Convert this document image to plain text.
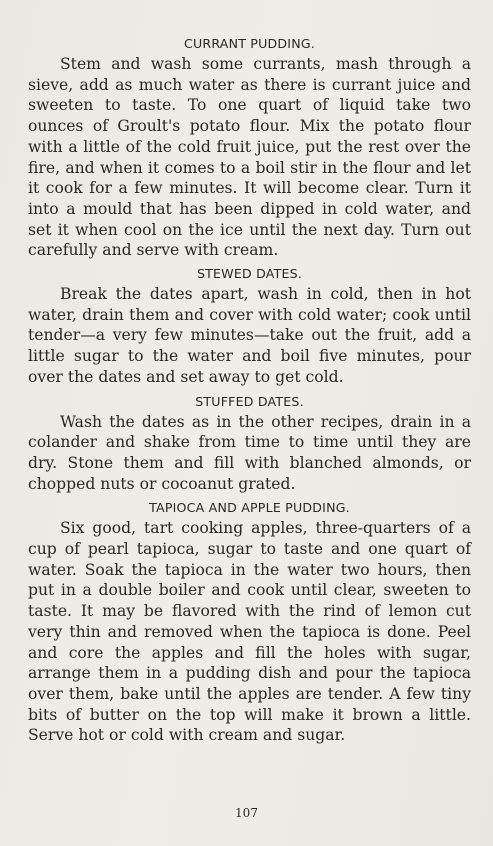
CURRANT PUDDING.

Stem and wash some currants, mash through a sieve, add as much water as there is currant juice and sweeten to taste. To one quart of liquid take two ounces of Groult's potato flour. Mix the potato flour with a little of the cold fruit juice, put the rest over the fire, and when it comes to a boil stir in the flour and let it cook for a few minutes. It will become clear. Turn it into a mould that has been dipped in cold water, and set it when cool on the ice until the next day. Turn out carefully and serve with cream.

STEWED DATES.

Break the dates apart, wash in cold, then in hot water, drain them and cover with cold water; cook until tender—a very few minutes—take out the fruit, add a little sugar to the water and boil five minutes, pour over the dates and set away to get cold.

STUFFED DATES.

Wash the dates as in the other recipes, drain in a colander and shake from time to time until they are dry. Stone them and fill with blanched almonds, or chopped nuts or cocoanut grated.

TAPIOCA AND APPLE PUDDING.

Six good, tart cooking apples, three-quarters of a cup of pearl tapioca, sugar to taste and one quart of water. Soak the tapioca in the water two hours, then put in a double boiler and cook until clear, sweeten to taste. It may be flavored with the rind of lemon cut very thin and removed when the tapioca is done. Peel and core the apples and fill the holes with sugar, arrange them in a pudding dish and pour the tapioca over them, bake until the apples are tender. A few tiny bits of butter on the top will make it brown a little. Serve hot or cold with cream and sugar.

107
